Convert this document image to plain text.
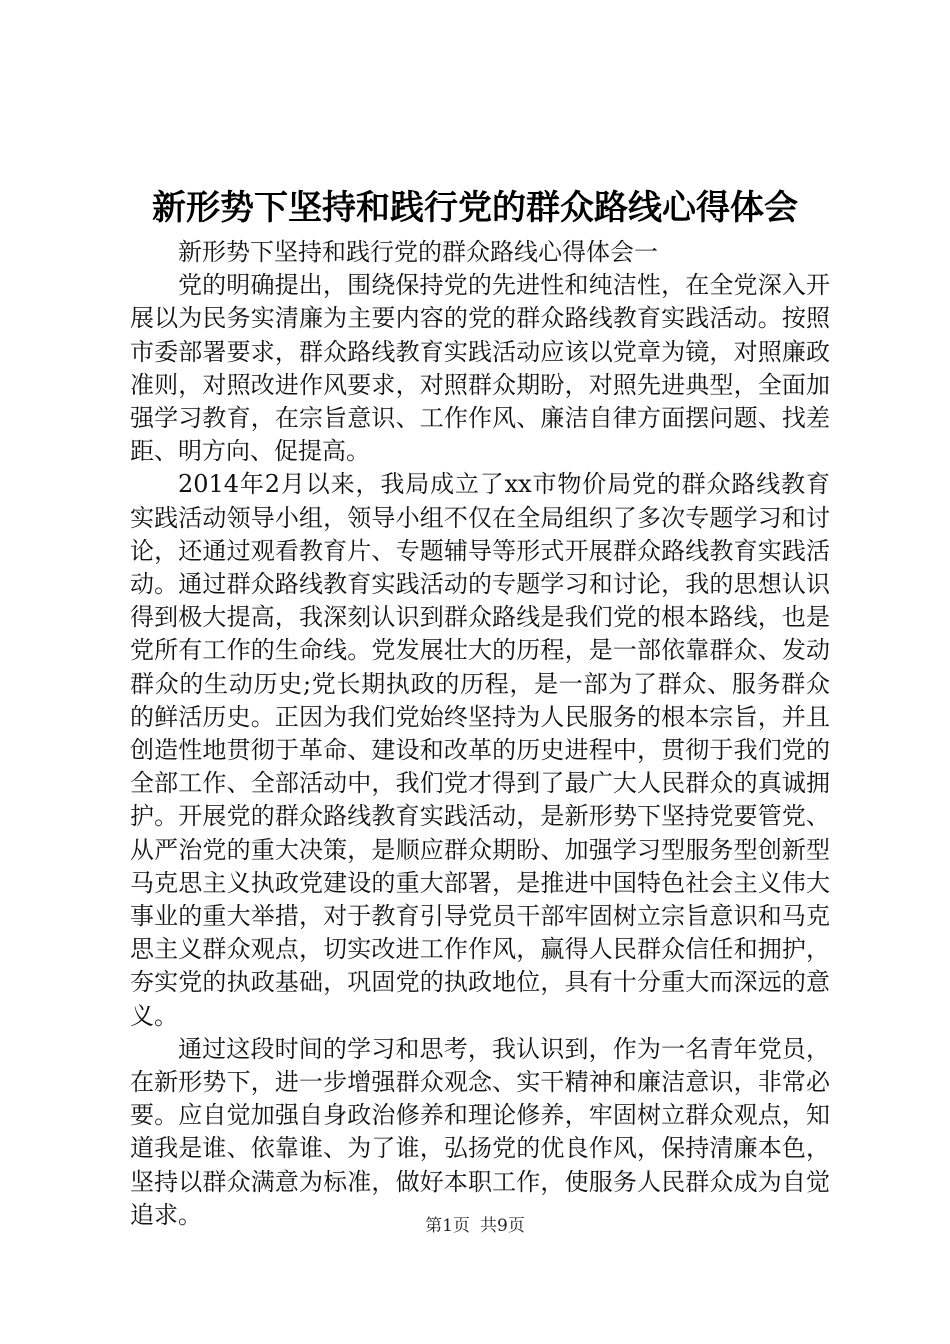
新形势下坚持和践行党的群众路线心得体会

新形势下坚持和践行党的群众路线心得体会一

党的明确提出，围绕保持党的先进性和纯洁性，在全党深入开展以为民务实清廉为主要内容的党的群众路线教育实践活动。按照市委部署要求，群众路线教育实践活动应该以党章为镜，对照廉政准则，对照改进作风要求，对照群众期盼，对照先进典型，全面加强学习教育，在宗旨意识、工作作风、廉洁自律方面摆问题、找差距、明方向、促提高。

2014年2月以来，我局成立了xx市物价局党的群众路线教育实践活动领导小组，领导小组不仅在全局组织了多次专题学习和讨论，还通过观看教育片、专题辅导等形式开展群众路线教育实践活动。通过群众路线教育实践活动的专题学习和讨论，我的思想认识得到极大提高，我深刻认识到群众路线是我们党的根本路线，也是党所有工作的生命线。党发展壮大的历程，是一部依靠群众、发动群众的生动历史;党长期执政的历程，是一部为了群众、服务群众的鲜活历史。正因为我们党始终坚持为人民服务的根本宗旨，并且创造性地贯彻于革命、建设和改革的历史进程中，贯彻于我们党的全部工作、全部活动中，我们党才得到了最广大人民群众的真诚拥护。开展党的群众路线教育实践活动，是新形势下坚持党要管党、从严治党的重大决策，是顺应群众期盼、加强学习型服务型创新型马克思主义执政党建设的重大部署，是推进中国特色社会主义伟大事业的重大举措，对于教育引导党员干部牢固树立宗旨意识和马克思主义群众观点，切实改进工作作风，赢得人民群众信任和拥护，夯实党的执政基础，巩固党的执政地位，具有十分重大而深远的意义。

通过这段时间的学习和思考，我认识到，作为一名青年党员，在新形势下，进一步增强群众观念、实干精神和廉洁意识，非常必要。应自觉加强自身政治修养和理论修养，牢固树立群众观点，知道我是谁、依靠谁、为了谁，弘扬党的优良作风，保持清廉本色，坚持以群众满意为标准，做好本职工作，使服务人民群众成为自觉追求。	第1页 共9页
